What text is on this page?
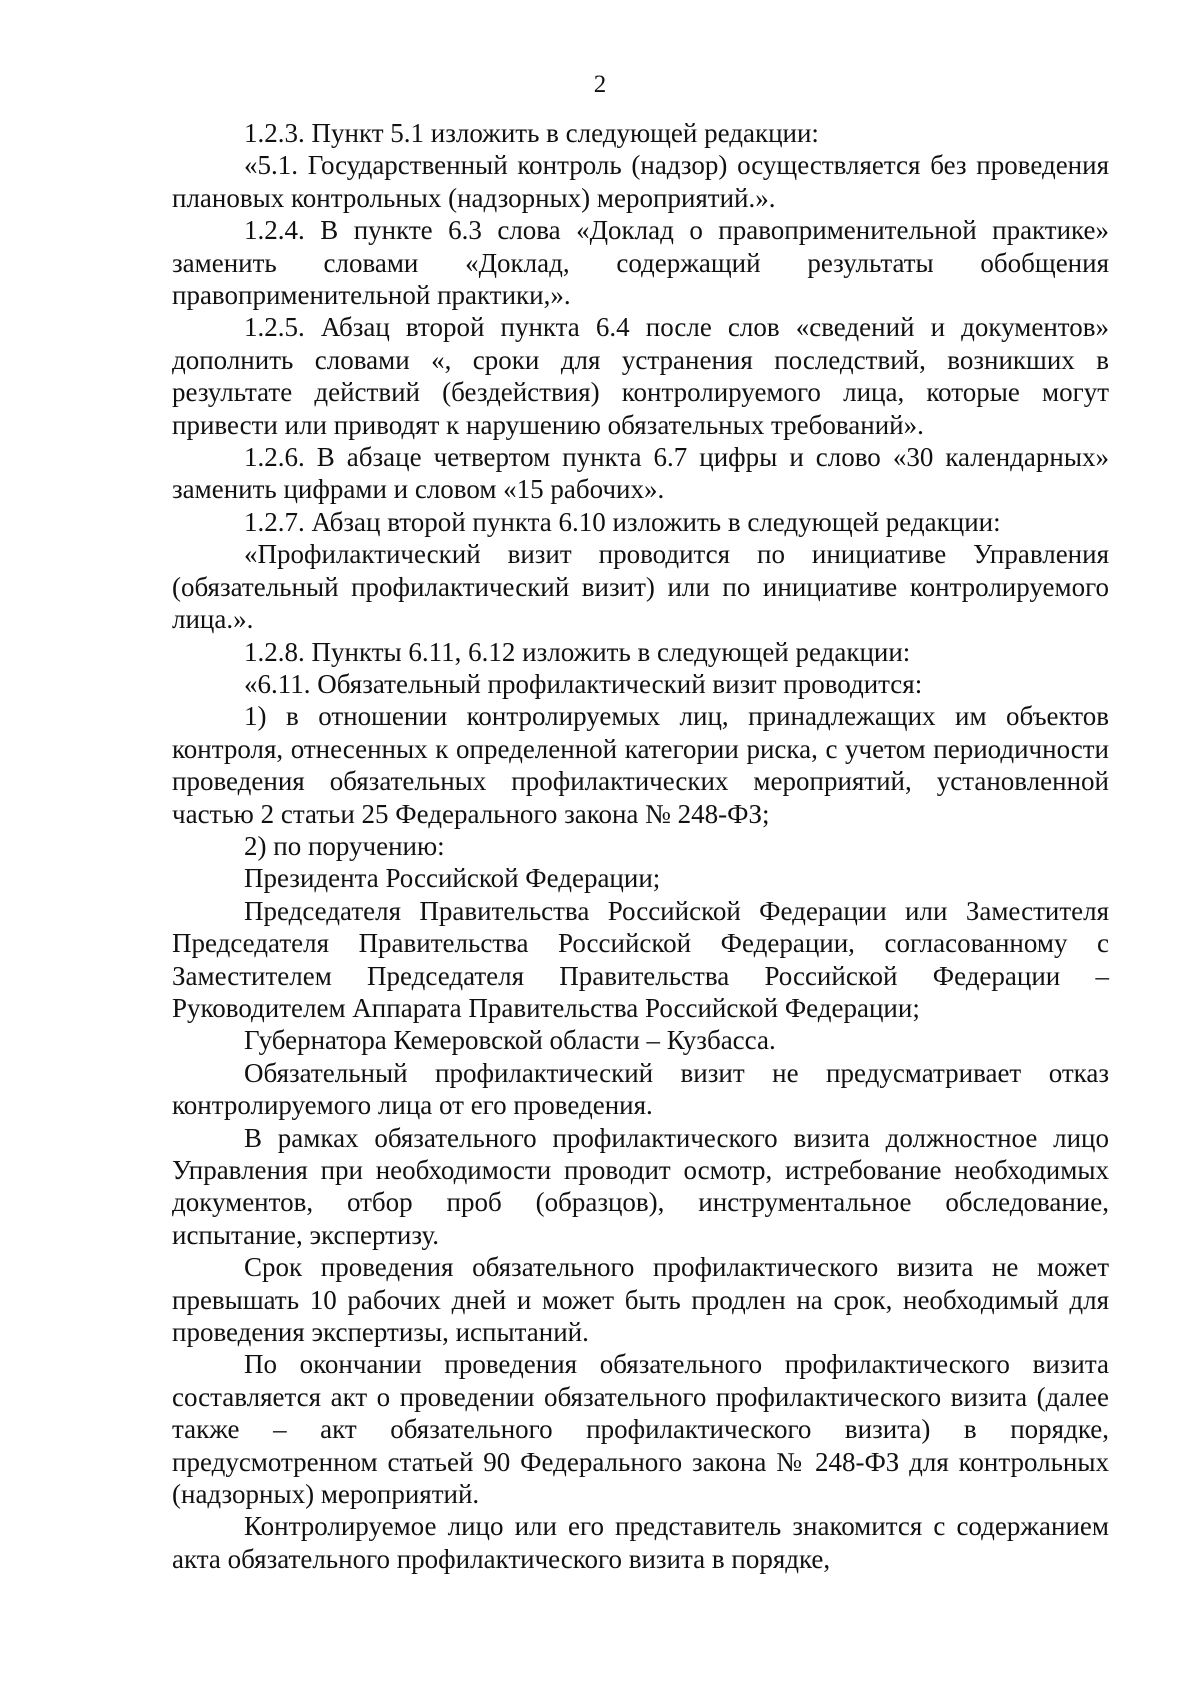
2

1.2.3. Пункт 5.1 изложить в следующей редакции:

«5.1. Государственный контроль (надзор) осуществляется без проведения плановых контрольных (надзорных) мероприятий.».

1.2.4. В пункте 6.3 слова «Доклад о правоприменительной практике» заменить словами «Доклад, содержащий результаты обобщения правоприменительной практики,».

1.2.5. Абзац второй пункта 6.4 после слов «сведений и документов» дополнить словами «, сроки для устранения последствий, возникших в результате действий (бездействия) контролируемого лица, которые могут привести или приводят к нарушению обязательных требований».

1.2.6. В абзаце четвертом пункта 6.7 цифры и слово «30 календарных» заменить цифрами и словом «15 рабочих».

1.2.7. Абзац второй пункта 6.10 изложить в следующей редакции:

«Профилактический визит проводится по инициативе Управления (обязательный профилактический визит) или по инициативе контролируемого лица.».

1.2.8. Пункты 6.11, 6.12 изложить в следующей редакции:

«6.11. Обязательный профилактический визит проводится:

1) в отношении контролируемых лиц, принадлежащих им объектов контроля, отнесенных к определенной категории риска, с учетом периодичности проведения обязательных профилактических мероприятий, установленной частью 2 статьи 25 Федерального закона № 248-ФЗ;

2) по поручению:

Президента Российской Федерации;

Председателя Правительства Российской Федерации или Заместителя Председателя Правительства Российской Федерации, согласованному с Заместителем Председателя Правительства Российской Федерации – Руководителем Аппарата Правительства Российской Федерации;

Губернатора Кемеровской области – Кузбасса.

Обязательный профилактический визит не предусматривает отказ контролируемого лица от его проведения.

В рамках обязательного профилактического визита должностное лицо Управления при необходимости проводит осмотр, истребование необходимых документов, отбор проб (образцов), инструментальное обследование, испытание, экспертизу.

Срок проведения обязательного профилактического визита не может превышать 10 рабочих дней и может быть продлен на срок, необходимый для проведения экспертизы, испытаний.

По окончании проведения обязательного профилактического визита составляется акт о проведении обязательного профилактического визита (далее также – акт обязательного профилактического визита) в порядке, предусмотренном статьей 90 Федерального закона № 248-ФЗ для контрольных (надзорных) мероприятий.

Контролируемое лицо или его представитель знакомится с содержанием акта обязательного профилактического визита в порядке,
